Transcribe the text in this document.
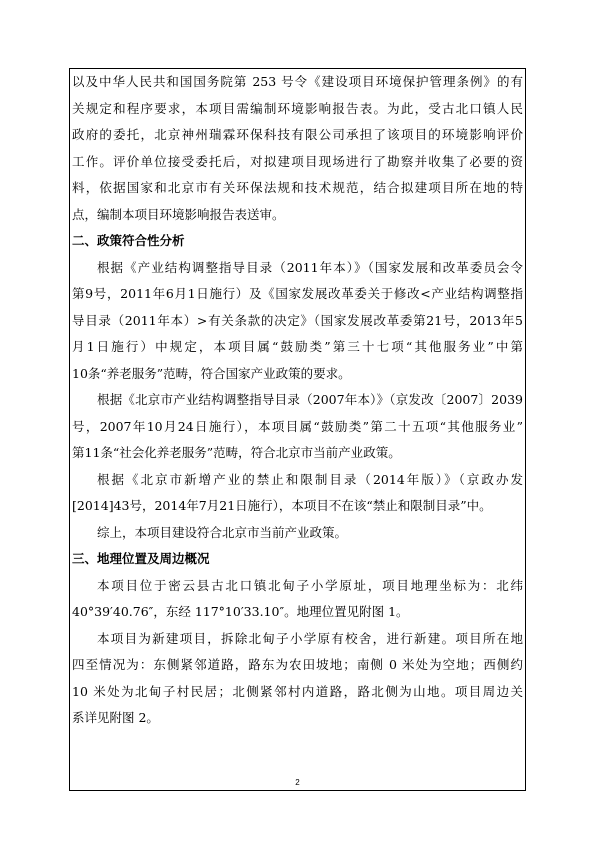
以及中华人民共和国国务院第 253 号令《建设项目环境保护管理条例》的有
关规定和程序要求，本项目需编制环境影响报告表。为此，受古北口镇人民
政府的委托，北京神州瑞霖环保科技有限公司承担了该项目的环境影响评价
工作。评价单位接受委托后，对拟建项目现场进行了勘察并收集了必要的资
料，依据国家和北京市有关环保法规和技术规范，结合拟建项目所在地的特
点，编制本项目环境影响报告表送审。
二、政策符合性分析
根据《产业结构调整指导目录（2011年本）》（国家发展和改革委员会令
第9号，2011年6月1日施行）及《国家发展改革委关于修改<产业结构调整指
导目录（2011年本）>有关条款的决定》（国家发展改革委第21号，2013年5
月1日施行）中规定，本项目属“鼓励类”第三十七项“其他服务业”中第
10条“养老服务”范畴，符合国家产业政策的要求。
根据《北京市产业结构调整指导目录（2007年本）》（京发改〔2007〕2039
号，2007年10月24日施行），本项目属“鼓励类”第二十五项“其他服务业”
第11条“社会化养老服务”范畴，符合北京市当前产业政策。
根据《北京市新增产业的禁止和限制目录（2014年版）》（京政办发
[2014]43号，2014年7月21日施行），本项目不在该“禁止和限制目录”中。
综上，本项目建设符合北京市当前产业政策。
三、地理位置及周边概况
本项目位于密云县古北口镇北甸子小学原址，项目地理坐标为：北纬
40°39′40.76″，东经 117°10′33.10″。地理位置见附图 1。
本项目为新建项目，拆除北甸子小学原有校舍，进行新建。项目所在地
四至情况为：东侧紧邻道路，路东为农田坡地；南侧 0 米处为空地；西侧约
10 米处为北甸子村民居；北侧紧邻村内道路，路北侧为山地。项目周边关
系详见附图 2。
2
